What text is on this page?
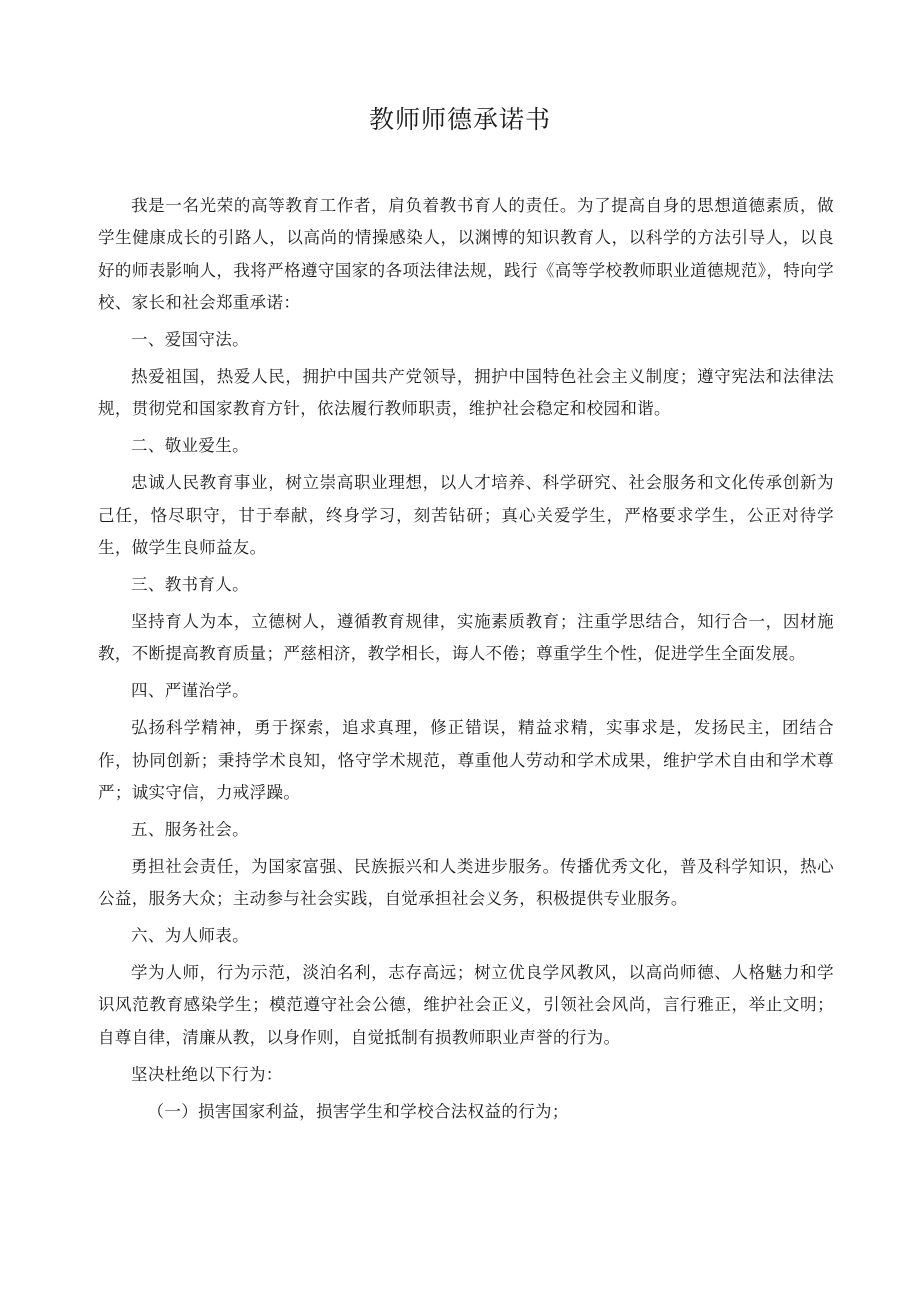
教师师德承诺书

我是一名光荣的高等教育工作者，肩负着教书育人的责任。为了提高自身的思想道德素质，做学生健康成长的引路人，以高尚的情操感染人，以渊博的知识教育人，以科学的方法引导人，以良好的师表影响人，我将严格遵守国家的各项法律法规，践行《高等学校教师职业道德规范》，特向学校、家长和社会郑重承诺：

一、爱国守法。

热爱祖国，热爱人民，拥护中国共产党领导，拥护中国特色社会主义制度；遵守宪法和法律法规，贯彻党和国家教育方针，依法履行教师职责，维护社会稳定和校园和谐。

二、敬业爱生。

忠诚人民教育事业，树立崇高职业理想，以人才培养、科学研究、社会服务和文化传承创新为己任，恪尽职守，甘于奉献，终身学习，刻苦钻研；真心关爱学生，严格要求学生，公正对待学生，做学生良师益友。

三、教书育人。

坚持育人为本，立德树人，遵循教育规律，实施素质教育；注重学思结合，知行合一，因材施教，不断提高教育质量；严慈相济，教学相长，诲人不倦；尊重学生个性，促进学生全面发展。

四、严谨治学。

弘扬科学精神，勇于探索，追求真理，修正错误，精益求精，实事求是，发扬民主，团结合作，协同创新；秉持学术良知，恪守学术规范，尊重他人劳动和学术成果，维护学术自由和学术尊严；诚实守信，力戒浮躁。

五、服务社会。

勇担社会责任，为国家富强、民族振兴和人类进步服务。传播优秀文化，普及科学知识，热心公益，服务大众；主动参与社会实践，自觉承担社会义务，积极提供专业服务。

六、为人师表。

学为人师，行为示范，淡泊名利，志存高远；树立优良学风教风，以高尚师德、人格魅力和学识风范教育感染学生；模范遵守社会公德，维护社会正义，引领社会风尚，言行雅正，举止文明；自尊自律，清廉从教，以身作则，自觉抵制有损教师职业声誉的行为。

坚决杜绝以下行为：

（一）损害国家利益，损害学生和学校合法权益的行为；
